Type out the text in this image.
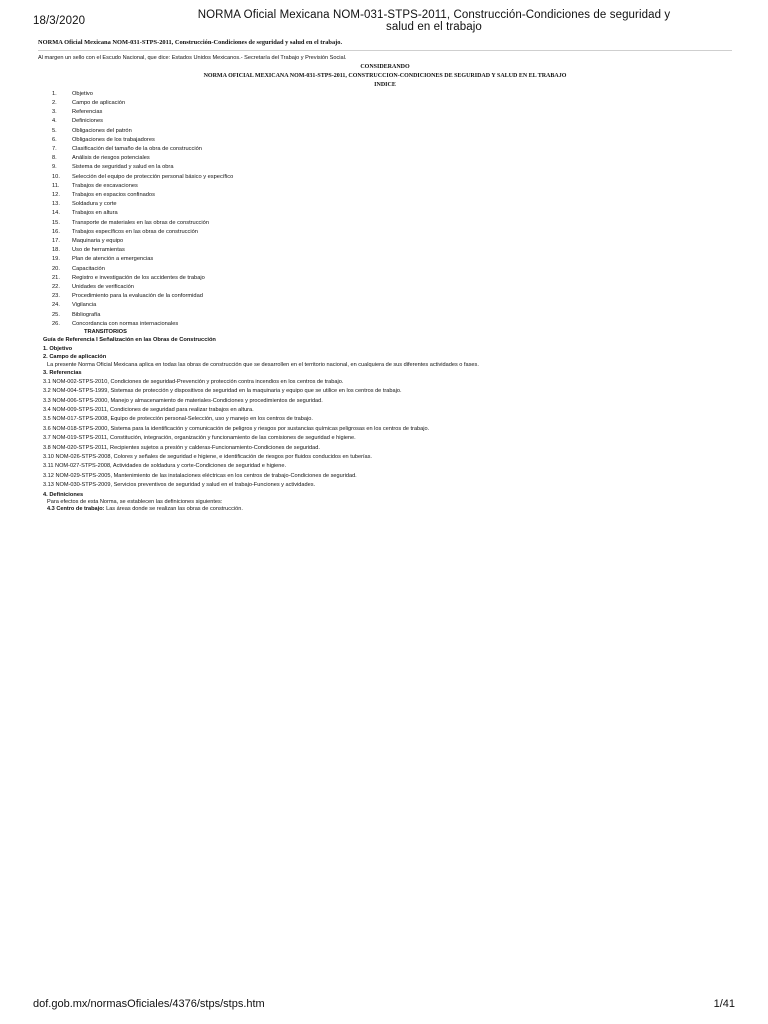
18/3/2020	NORMA Oficial Mexicana NOM-031-STPS-2011, Construcción-Condiciones de seguridad y salud en el trabajo
NORMA Oficial Mexicana NOM-031-STPS-2011, Construcción-Condiciones de seguridad y salud en el trabajo.

Al margen un sello con el Escudo Nacional, que dice: Estados Unidos Mexicanos.- Secretaría del Trabajo y Previsión Social.

CONSIDERANDO
NORMA OFICIAL MEXICANA NOM-031-STPS-2011, CONSTRUCCION-CONDICIONES DE SEGURIDAD Y SALUD EN EL TRABAJO
INDICE
1.	Objetivo
2.	Campo de aplicación
3.	Referencias
4.	Definiciones
5.	Obligaciones del patrón
6.	Obligaciones de los trabajadores
7.	Clasificación del tamaño de la obra de construcción
8.	Análisis de riesgos potenciales
9.	Sistema de seguridad y salud en la obra
10.	Selección del equipo de protección personal básico y específico
11.	Trabajos de excavaciones
12.	Trabajos en espacios confinados
13.	Soldadura y corte
14.	Trabajos en altura
15.	Transporte de materiales en las obras de construcción
16.	Trabajos específicos en las obras de construcción
17.	Maquinaria y equipo
18.	Uso de herramientas
19.	Plan de atención a emergencias
20.	Capacitación
21.	Registro e investigación de los accidentes de trabajo
22.	Unidades de verificación
23.	Procedimiento para la evaluación de la conformidad
24.	Vigilancia
25.	Bibliografía
26.	Concordancia con normas internacionales

TRANSITORIOS

Guía de Referencia I Señalización en las Obras de Construcción

1. Objetivo

2. Campo de aplicación

La presente Norma Oficial Mexicana aplica en todas las obras de construcción que se desarrollen en el territorio nacional, en cualquiera de sus diferentes actividades o fases.

3. Referencias

3.1 NOM-002-STPS-2010, Condiciones de seguridad-Prevención y protección contra incendios en los centros de trabajo.

3.2 NOM-004-STPS-1999, Sistemas de protección y dispositivos de seguridad en la maquinaria y equipo que se utilice en los centros de trabajo.

3.3 NOM-006-STPS-2000, Manejo y almacenamiento de materiales-Condiciones y procedimientos de seguridad.

3.4 NOM-009-STPS-2011, Condiciones de seguridad para realizar trabajos en altura.

3.5 NOM-017-STPS-2008, Equipo de protección personal-Selección, uso y manejo en los centros de trabajo.

3.6 NOM-018-STPS-2000, Sistema para la identificación y comunicación de peligros y riesgos por sustancias químicas peligrosas en los centros de trabajo.

3.7 NOM-019-STPS-2011, Constitución, integración, organización y funcionamiento de las comisiones de seguridad e higiene.

3.8 NOM-020-STPS-2011, Recipientes sujetos a presión y calderas-Funcionamiento-Condiciones de seguridad.

3.10 NOM-026-STPS-2008, Colores y señales de seguridad e higiene, e identificación de riesgos por fluidos conducidos en tuberías.

3.11 NOM-027-STPS-2008, Actividades de soldadura y corte-Condiciones de seguridad e higiene.

3.12 NOM-029-STPS-2005, Mantenimiento de las instalaciones eléctricas en los centros de trabajo-Condiciones de seguridad.

3.13 NOM-030-STPS-2009, Servicios preventivos de seguridad y salud en el trabajo-Funciones y actividades.

4. Definiciones

Para efectos de esta Norma, se establecen las definiciones siguientes:

4.3 Centro de trabajo: Las áreas donde se realizan las obras de construcción.

dof.gob.mx/normasOficiales/4376/stps/stps.htm	1/41
